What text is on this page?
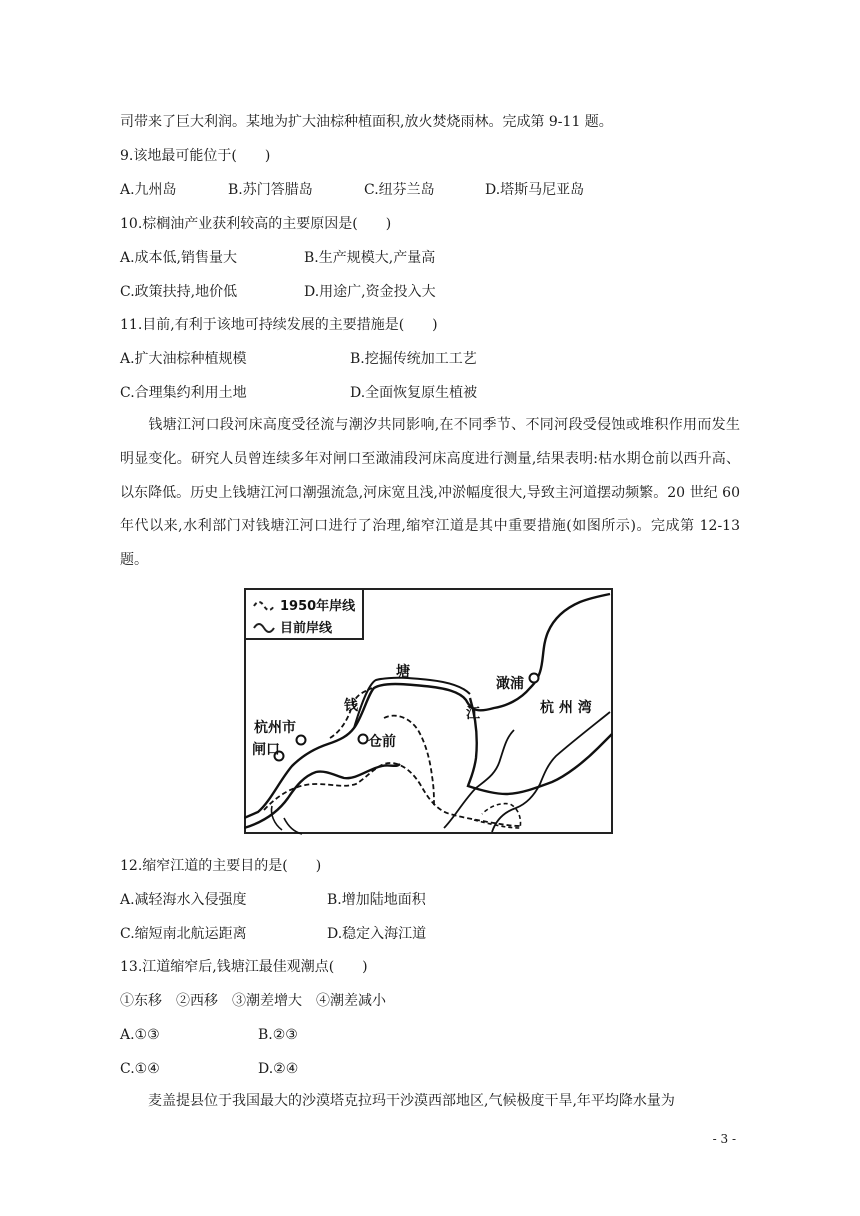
司带来了巨大利润。某地为扩大油棕种植面积,放火焚烧雨林。完成第 9-11 题。
9.该地最可能位于(　　)
A.九州岛	B.苏门答腊岛	C.纽芬兰岛	D.塔斯马尼亚岛
10.棕榈油产业获利较高的主要原因是(　　)
A.成本低,销售量大	B.生产规模大,产量高
C.政策扶持,地价低	D.用途广,资金投入大
11.目前,有利于该地可持续发展的主要措施是(　　)
A.扩大油棕种植规模	B.挖掘传统加工工艺
C.合理集约利用土地	D.全面恢复原生植被
钱塘江河口段河床高度受径流与潮汐共同影响,在不同季节、不同河段受侵蚀或堆积作用而发生明显变化。研究人员曾连续多年对闸口至澉浦段河床高度进行测量,结果表明:枯水期仓前以西升高、以东降低。历史上钱塘江河口潮强流急,河床宽且浅,冲淤幅度很大,导致主河道摆动频繁。20 世纪 60 年代以来,水利部门对钱塘江河口进行了治理,缩窄江道是其中重要措施(如图所示)。完成第 12-13 题。
1950年岸线
目前岸线
塘
钱	江
澉浦
杭 州 湾
杭州市
闸口	仓前
12.缩窄江道的主要目的是(　　)
A.减轻海水入侵强度	B.增加陆地面积
C.缩短南北航运距离	D.稳定入海江道
13.江道缩窄后,钱塘江最佳观潮点(　　)
①东移　②西移　③潮差增大　④潮差减小
A.①③	B.②③
C.①④	D.②④
麦盖提县位于我国最大的沙漠塔克拉玛干沙漠西部地区,气候极度干旱,年平均降水量为
- 3 -
